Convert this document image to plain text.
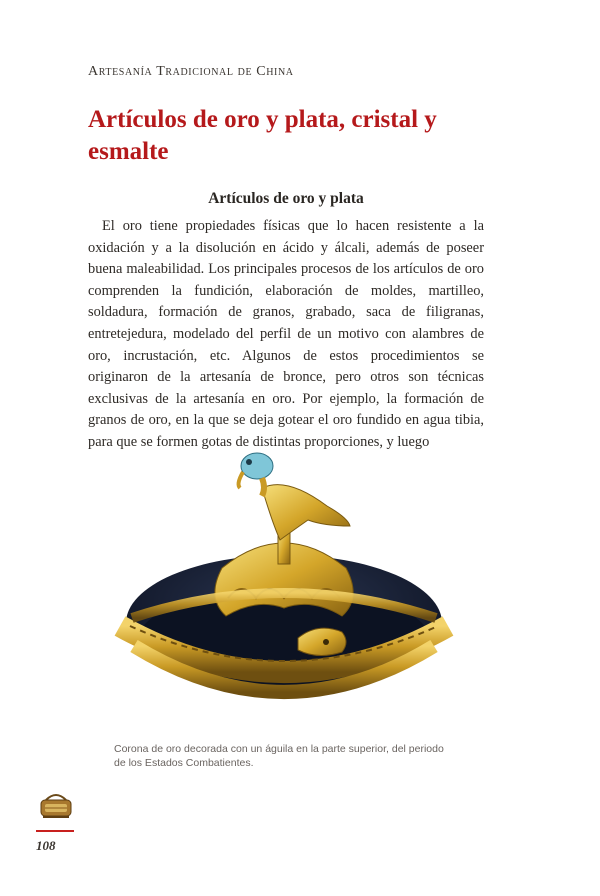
Artesanía Tradicional de China
Artículos de oro y plata, cristal y esmalte
Artículos de oro y plata

El oro tiene propiedades físicas que lo hacen resistente a la oxidación y a la disolución en ácido y álcali, además de poseer buena maleabilidad. Los principales procesos de los artículos de oro comprenden la fundición, elaboración de moldes, martilleo, soldadura, formación de granos, grabado, saca de filigranas, entretejedura, modelado del perfil de un motivo con alambres de oro, incrustación, etc. Algunos de estos procedimientos se originaron de la artesanía de bronce, pero otros son técnicas exclusivas de la artesanía en oro. Por ejemplo, la formación de granos de oro, en la que se deja gotear el oro fundido en agua tibia, para que se formen gotas de distintas proporciones, y luego

Corona de oro decorada con un águila en la parte superior, del periodo de los Estados Combatientes.

108
